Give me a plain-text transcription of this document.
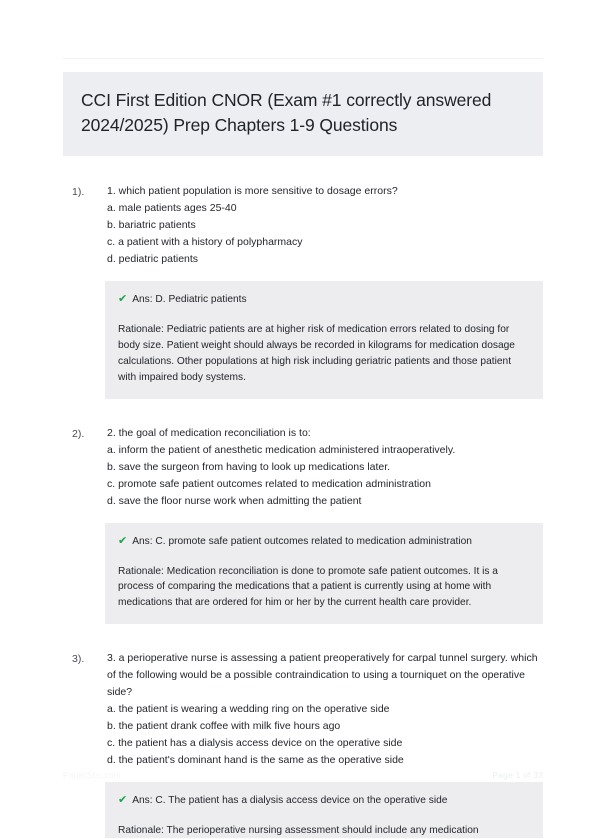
CCI First Edition CNOR (Exam #1 correctly answered 2024/2025) Prep Chapters 1-9 Questions
1).	1. which patient population is more sensitive to dosage errors?
a. male patients ages 25-40
b. bariatric patients
c. a patient with a history of polypharmacy
d. pediatric patients
✔ Ans: D. Pediatric patients
Rationale: Pediatric patients are at higher risk of medication errors related to dosing for body size. Patient weight should always be recorded in kilograms for medication dosage calculations. Other populations at high risk including geriatric patients and those patient with impaired body systems.
2).	2. the goal of medication reconciliation is to:
a. inform the patient of anesthetic medication administered intraoperatively.
b. save the surgeon from having to look up medications later.
c. promote safe patient outcomes related to medication administration
d. save the floor nurse work when admitting the patient
✔ Ans: C. promote safe patient outcomes related to medication administration
Rationale: Medication reconciliation is done to promote safe patient outcomes. It is a process of comparing the medications that a patient is currently using at home with medications that are ordered for him or her by the current health care provider.
3).	3. a perioperative nurse is assessing a patient preoperatively for carpal tunnel surgery. which of the following would be a possible contraindication to using a tourniquet on the operative side?
a. the patient is wearing a wedding ring on the operative side
b. the patient drank coffee with milk five hours ago
c. the patient has a dialysis access device on the operative side
d. the patient's dominant hand is the same as the operative side
✔ Ans: C. The patient has a dialysis access device on the operative side
Rationale: The perioperative nursing assessment should include any medication
PaperStic.com	Page 1 of 33
